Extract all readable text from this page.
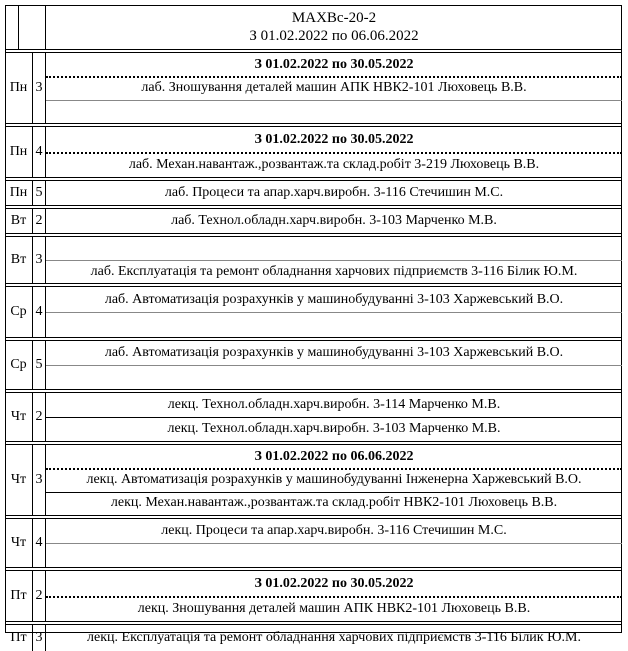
МАХВс-20-2
З 01.02.2022 по 06.06.2022
Пн 3
З 01.02.2022 по 30.05.2022
лаб. Зношування деталей машин АПК НВК2-101 Люховець В.В.
Пн 4
З 01.02.2022 по 30.05.2022
лаб. Механ.навантаж.,розвантаж.та склад.робіт 3-219 Люховець В.В.
Пн 5	лаб. Процеси та апар.харч.виробн. 3-116 Стечишин М.С.
Вт 2	лаб. Технол.обладн.харч.виробн. 3-103 Марченко М.В.
Вт 3
лаб. Експлуатація та ремонт обладнання харчових підприємств 3-116 Білик Ю.М.
Ср 4
лаб. Автоматизація розрахунків у машинобудуванні 3-103 Харжевський В.О.
Ср 5
лаб. Автоматизація розрахунків у машинобудуванні 3-103 Харжевський В.О.
Чт 2
лекц. Технол.обладн.харч.виробн. 3-114 Марченко М.В.
лекц. Технол.обладн.харч.виробн. 3-103 Марченко М.В.
Чт 3
З 01.02.2022 по 06.06.2022
лекц. Автоматизація розрахунків у машинобудуванні Інженерна Харжевський В.О.
лекц. Механ.навантаж.,розвантаж.та склад.робіт НВК2-101 Люховець В.В.
Чт 4
лекц. Процеси та апар.харч.виробн. 3-116 Стечишин М.С.
Пт 2
З 01.02.2022 по 30.05.2022
лекц. Зношування деталей машин АПК НВК2-101 Люховець В.В.
Пт 3	лекц. Експлуатація та ремонт обладнання харчових підприємств 3-116 Білик Ю.М.
